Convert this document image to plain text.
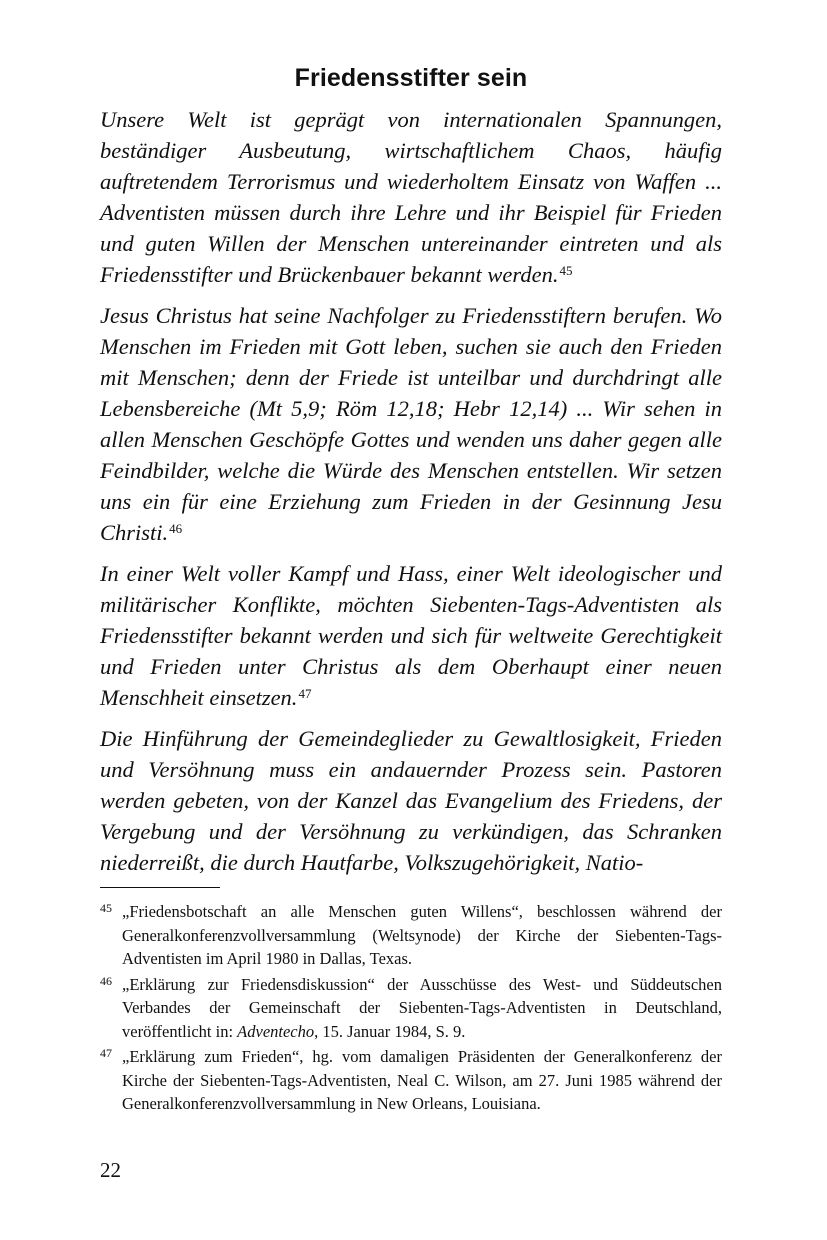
Friedensstifter sein

Unsere Welt ist geprägt von internationalen Spannungen, beständiger Ausbeutung, wirtschaftlichem Chaos, häufig auftretendem Terrorismus und wiederholtem Einsatz von Waffen ... Adventisten müssen durch ihre Lehre und ihr Beispiel für Frieden und guten Willen der Menschen untereinander eintreten und als Friedensstifter und Brückenbauer bekannt werden.$^{45}$

Jesus Christus hat seine Nachfolger zu Friedensstiftern berufen. Wo Menschen im Frieden mit Gott leben, suchen sie auch den Frieden mit Menschen; denn der Friede ist unteilbar und durchdringt alle Lebensbereiche (Mt 5,9; Röm 12,18; Hebr 12,14) ... Wir sehen in allen Menschen Geschöpfe Gottes und wenden uns daher gegen alle Feindbilder, welche die Würde des Menschen entstellen. Wir setzen uns ein für eine Erziehung zum Frieden in der Gesinnung Jesu Christi.$^{46}$

In einer Welt voller Kampf und Hass, einer Welt ideologischer und militärischer Konflikte, möchten Siebenten-Tags-Adventisten als Friedensstifter bekannt werden und sich für weltweite Gerechtigkeit und Frieden unter Christus als dem Oberhaupt einer neuen Menschheit einsetzen.$^{47}$

Die Hinführung der Gemeindeglieder zu Gewaltlosigkeit, Frieden und Versöhnung muss ein andauernder Prozess sein. Pastoren werden gebeten, von der Kanzel das Evangelium des Friedens, der Vergebung und der Versöhnung zu verkündigen, das Schranken niederreißt, die durch Hautfarbe, Volkszugehörigkeit, Natio-

45 „Friedensbotschaft an alle Menschen guten Willens“, beschlossen während der Generalkonferenzvollversammlung (Weltsynode) der Kirche der Siebenten-Tags-Adventisten im April 1980 in Dallas, Texas.

46 „Erklärung zur Friedensdiskussion“ der Ausschüsse des West- und Süddeutschen Verbandes der Gemeinschaft der Siebenten-Tags-Adventisten in Deutschland, veröffentlicht in: Adventecho, 15. Januar 1984, S. 9.

47 „Erklärung zum Frieden“, hg. vom damaligen Präsidenten der Generalkonferenz der Kirche der Siebenten-Tags-Adventisten, Neal C. Wilson, am 27. Juni 1985 während der Generalkonferenzvollversammlung in New Orleans, Louisiana.

22
